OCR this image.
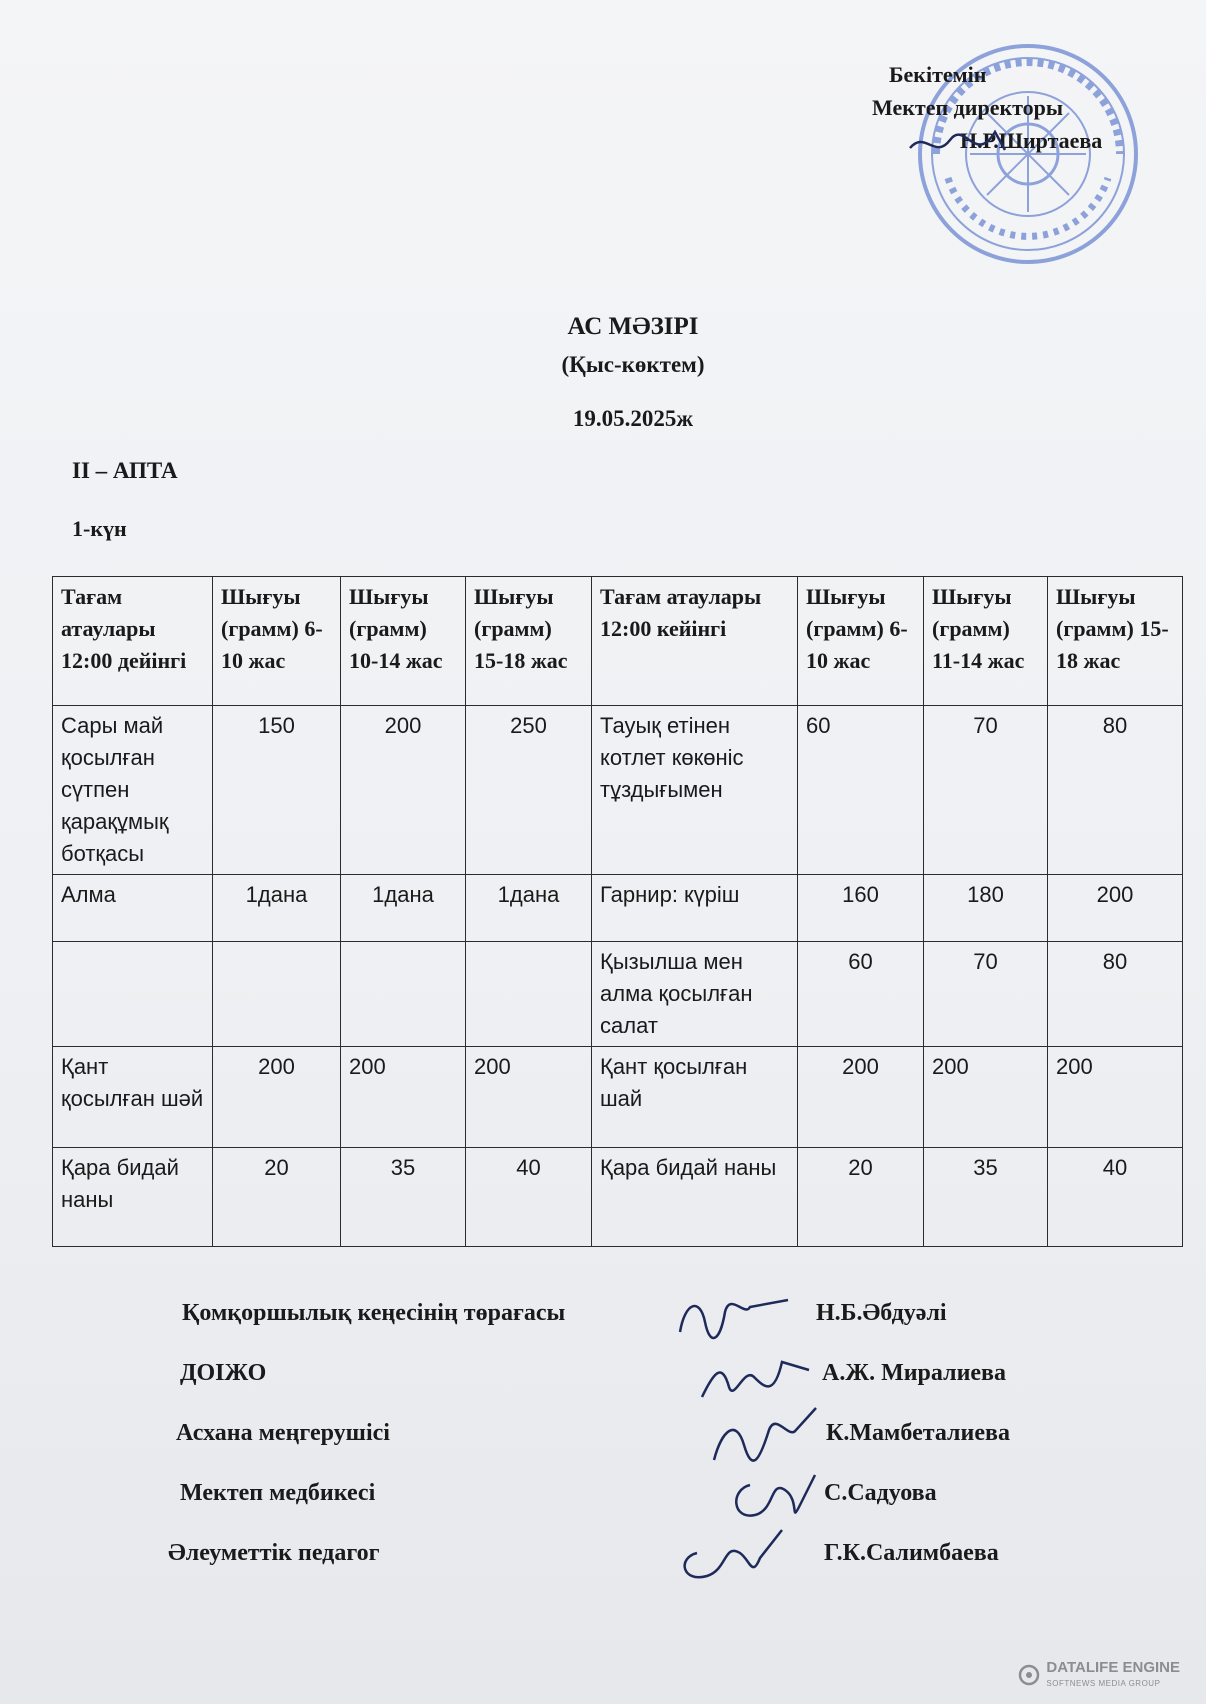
Бекітемін
Мектеп директоры
Н.Р.Ширтаева
АС МӘЗІРІ
(Қыс-көктем)
19.05.2025ж
ІІ – АПТА
1-күн
Тағам атаулары 12:00 дейінгі	Шығуы (грамм) 6-10 жас	Шығуы (грамм) 10-14 жас	Шығуы (грамм) 15-18 жас	Тағам атаулары 12:00 кейінгі	Шығуы (грамм) 6-10 жас	Шығуы (грамм) 11-14 жас	Шығуы (грамм) 15-18 жас
Сары май қосылған сүтпен қарақұмық ботқасы	150	200	250	Тауық етінен котлет көкөніс тұздығымен	60	70	80
Алма	1дана	1дана	1дана	Гарнир: күріш	160	180	200
				Қызылша мен алма қосылған салат	60	70	80
Қант қосылған шәй	200	200	200	Қант қосылған шай	200	200	200
Қара бидай наны	20	35	40	Қара бидай наны	20	35	40
Қомқоршылық кеңесінің төрағасы	Н.Б.Әбдуәлі
ДОІЖО	А.Ж. Миралиева
Асхана меңгерушісі	К.Мамбеталиева
Мектеп медбикесі	С.Садуова
Әлеуметтік педагог	Г.К.Салимбаева
DATALIFE ENGINE
SOFTNEWS MEDIA GROUP
